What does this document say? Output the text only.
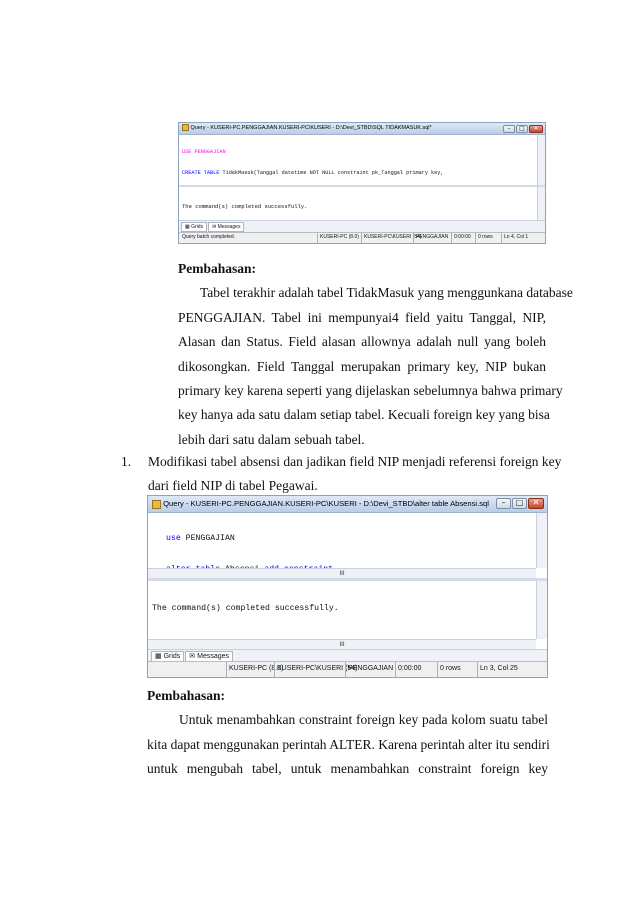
Query - KUSERI-PC.PENGGAJIAN.KUSERI-PC\KUSERI - D:\Devi_STBD\SQL TIDAKMASUK.sql*	–	□	✕

USE PENGGAJIAN

CREATE TABLE TidakMasuk(Tanggal datetime NOT NULL constraint pk_Tanggal primary key,

The command(s) completed successfully.

▦ Grids ✉ Messages
Query batch completed.	KUSERI-PC (8.0)	KUSERI-PC\KUSERI (54)
PENGGAJIAN	0:00:00	0 rows	Ln 4, Col 1
Pembahasan:
Tabel terakhir adalah tabel TidakMasuk yang menggunkana database
PENGGAJIAN. Tabel ini mempunyai4 field yaitu Tanggal, NIP,
Alasan dan Status. Field alasan allownya adalah null yang boleh
dikosongkan. Field Tanggal merupakan primary key, NIP bukan
primary key karena seperti yang dijelaskan sebelumnya bahwa primary
key hanya ada satu dalam setiap tabel. Kecuali foreign key yang bisa
lebih dari satu dalam sebuah tabel.
1. Modifikasi tabel absensi dan jadikan field NIP menjadi referensi foreign key
dari field NIP di tabel Pegawai.
Query - KUSERI-PC.PENGGAJIAN.KUSERI-PC\KUSERI - D:\Devi_STBD\alter table Absensi.sql	–	□	✕

use PENGGAJIAN

III

The command(s) completed successfully.

III
▦ Grids ✉ Messages
KUSERI-PC (8.0)
KUSERI-PC\KUSERI (54)
PENGGAJIAN 0:00:00	0 rows	Ln 3, Col 25
Pembahasan:
Untuk menambahkan constraint foreign key pada kolom suatu tabel
kita dapat menggunakan perintah ALTER. Karena perintah alter itu sendiri
untuk mengubah tabel, untuk menambahkan constraint foreign key
